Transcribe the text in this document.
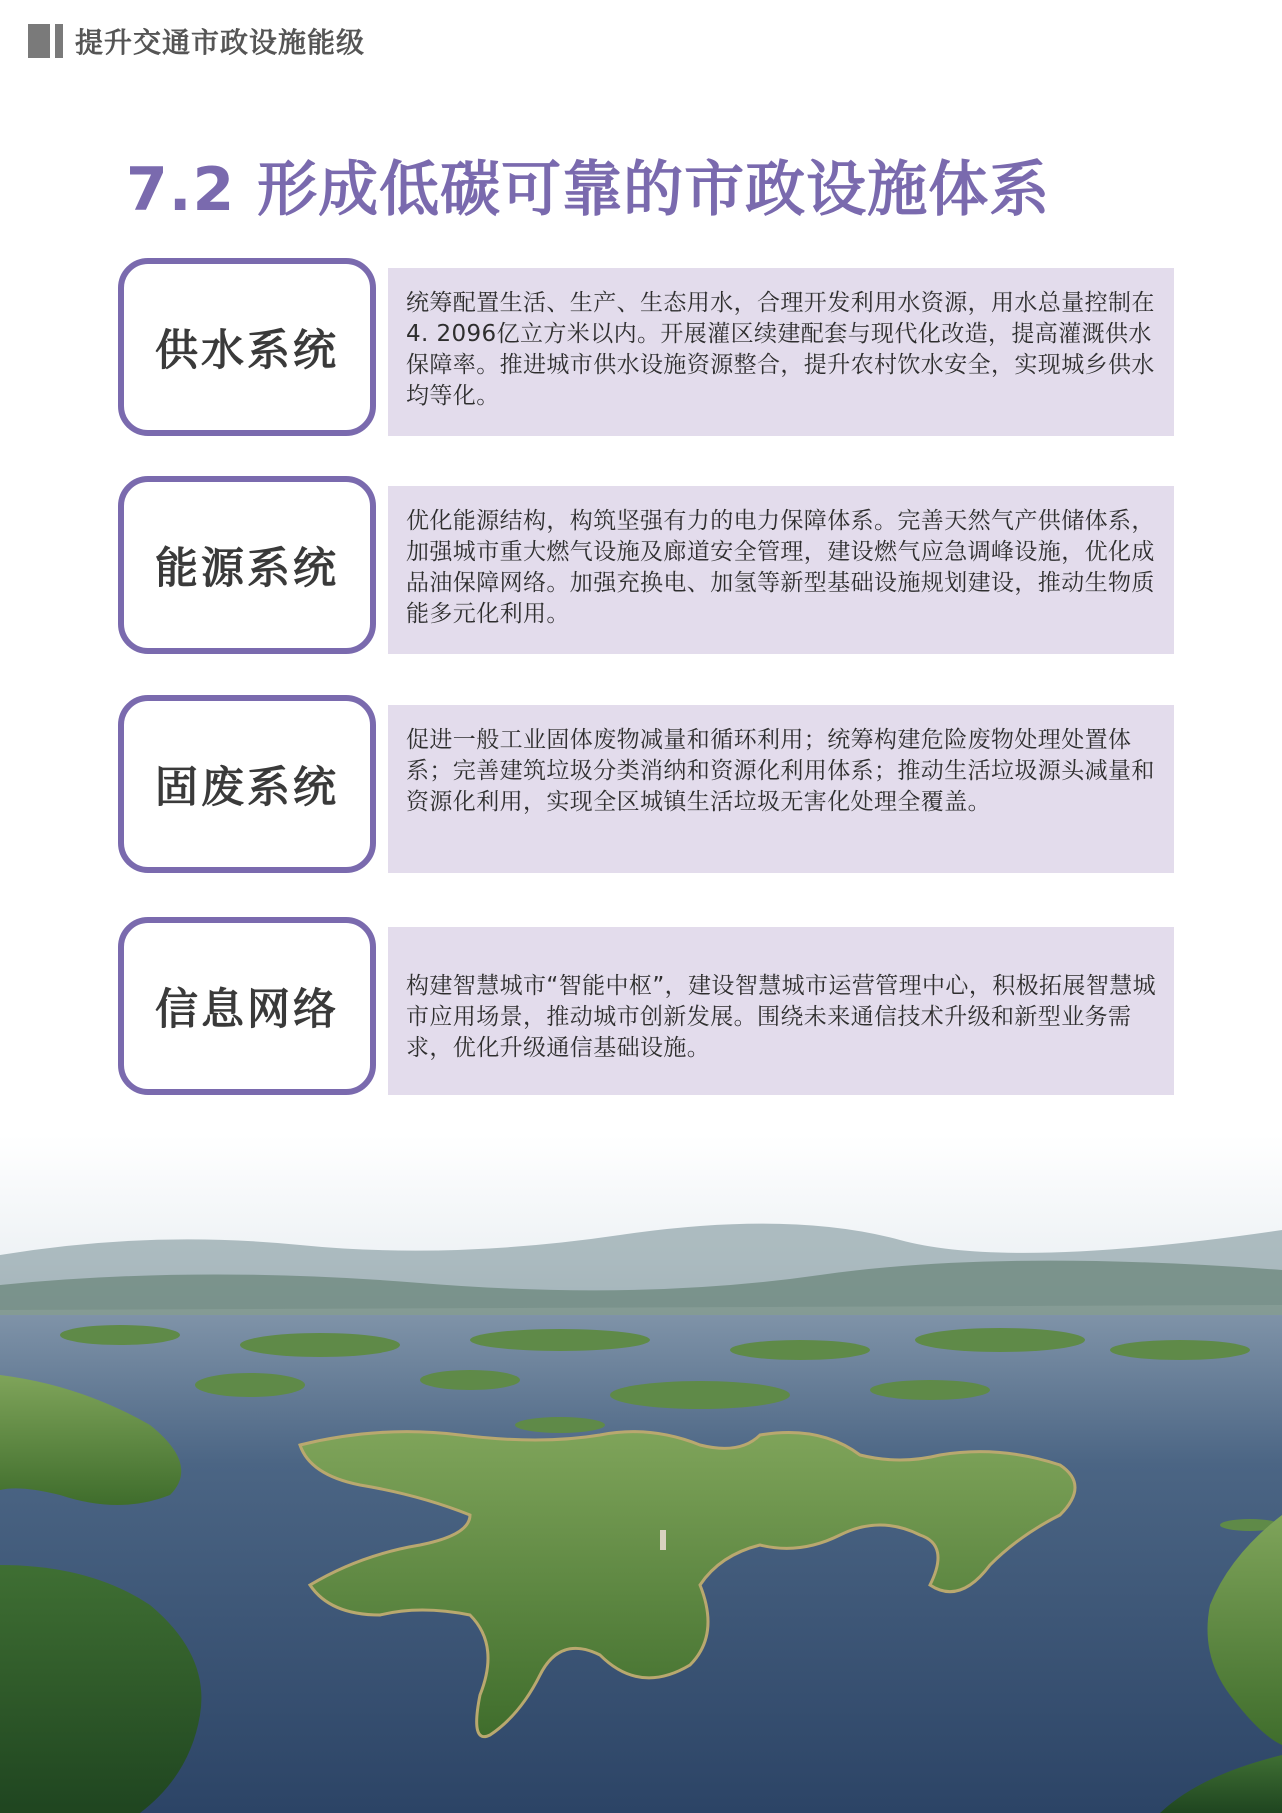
提升交通市政设施能级
7.2 形成低碳可靠的市政设施体系
供水系统
统筹配置生活、生产、生态用水，合理开发利用水资源，用水总量控制在4. 2096亿立方米以内。开展灌区续建配套与现代化改造，提高灌溉供水保障率。推进城市供水设施资源整合，提升农村饮水安全，实现城乡供水均等化。
能源系统
优化能源结构，构筑坚强有力的电力保障体系。完善天然气产供储体系，加强城市重大燃气设施及廊道安全管理，建设燃气应急调峰设施，优化成品油保障网络。加强充换电、加氢等新型基础设施规划建设，推动生物质能多元化利用。
固废系统
促进一般工业固体废物减量和循环利用；统筹构建危险废物处理处置体系；完善建筑垃圾分类消纳和资源化利用体系；推动生活垃圾源头减量和资源化利用，实现全区城镇生活垃圾无害化处理全覆盖。
信息网络	构建智慧城市“智能中枢”，建设智慧城市运营管理中心，积极拓展智慧城市应用场景，推动城市创新发展。围绕未来通信技术升级和新型业务需求，优化升级通信基础设施。
